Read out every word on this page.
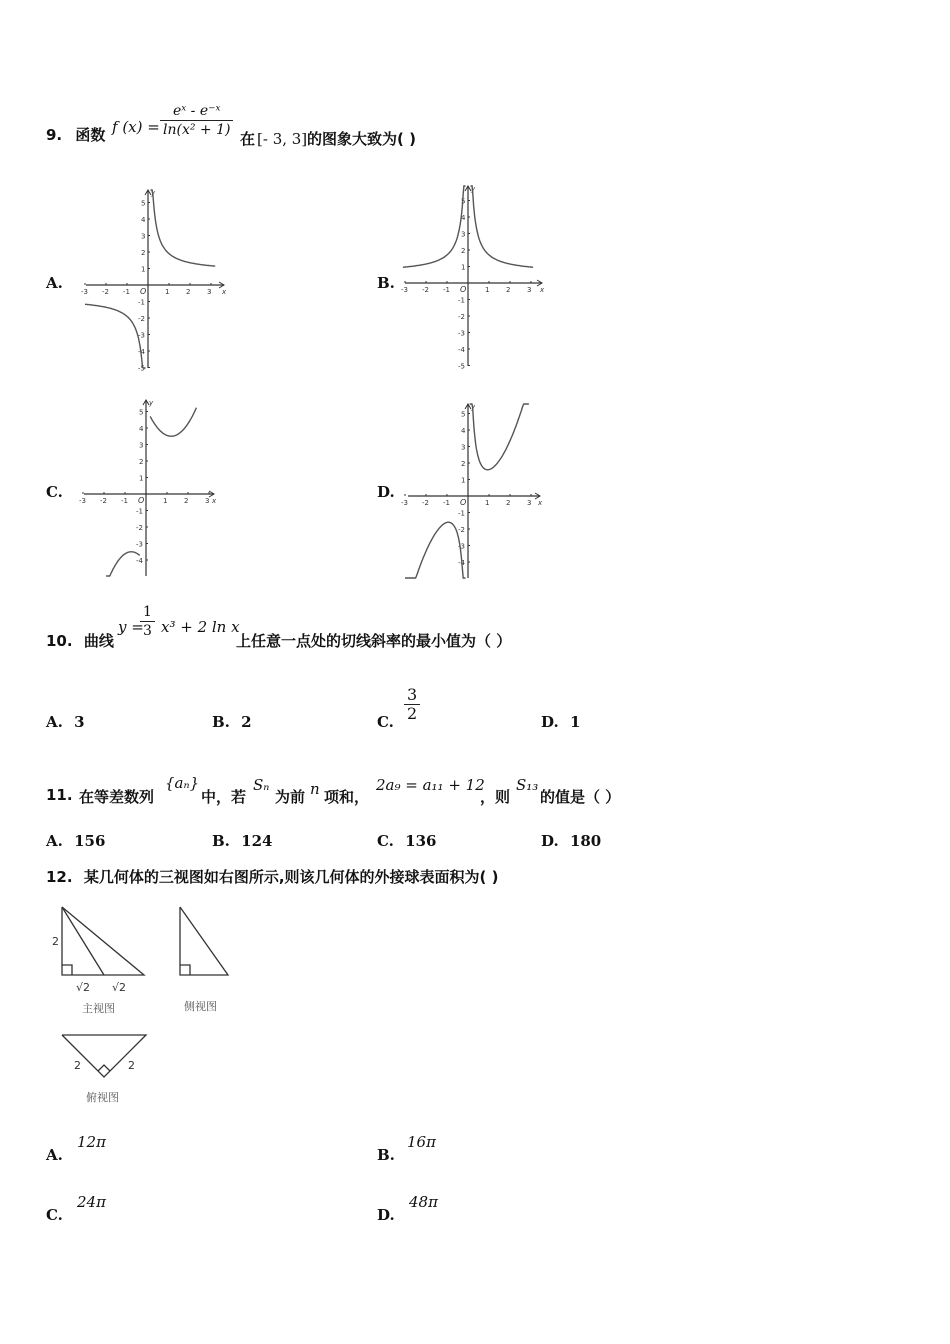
9. 函数 f $(x) = \frac{\text{eˣ - e⁻ˣ}}{\text{ln(x² + 1)}}$ 在 [- 3, 3] 的图象大致为( )
A.	B.
C.	D.
-3 -2 -1	1 2 3
5
4
3
2
1
-1
-2
-3
-4
-5
O	x
y
-3 -2 -1	1 2 3
5
4
3
2
1
-1
-2
-3
-4
-5
O	x
y
-3 -2 -1	1 2 3
5
4
3
2
1
-1
-2
-3
-4
O	x
y
-3 -2 -1	1 2 3
5
4
3
2
1
-1
-2
-3
-4
O	x
y
10. 曲线
y =
$\frac{1}{3} x^3 + 2$ ln x
上任意一点处的切线斜率的最小值为（ ）
A. 3	B. 2	C. $\frac{3}{2}$	D. 1
11. 在等差数列
{aₙ}
中，若
Sₙ
为前 n 项和，
2a₉ = a₁₁ + 12
，则
S₁₃
的值是（ ）
A. 156	B. 124	C. 136	D. 180
12. 某几何体的三视图如右图所示,则该几何体的外接球表面积为( )
2
√2 √2
主视图	侧视图
2	2
俯视图
A.
12π
B.
16π
C.
24π
D.
48π
